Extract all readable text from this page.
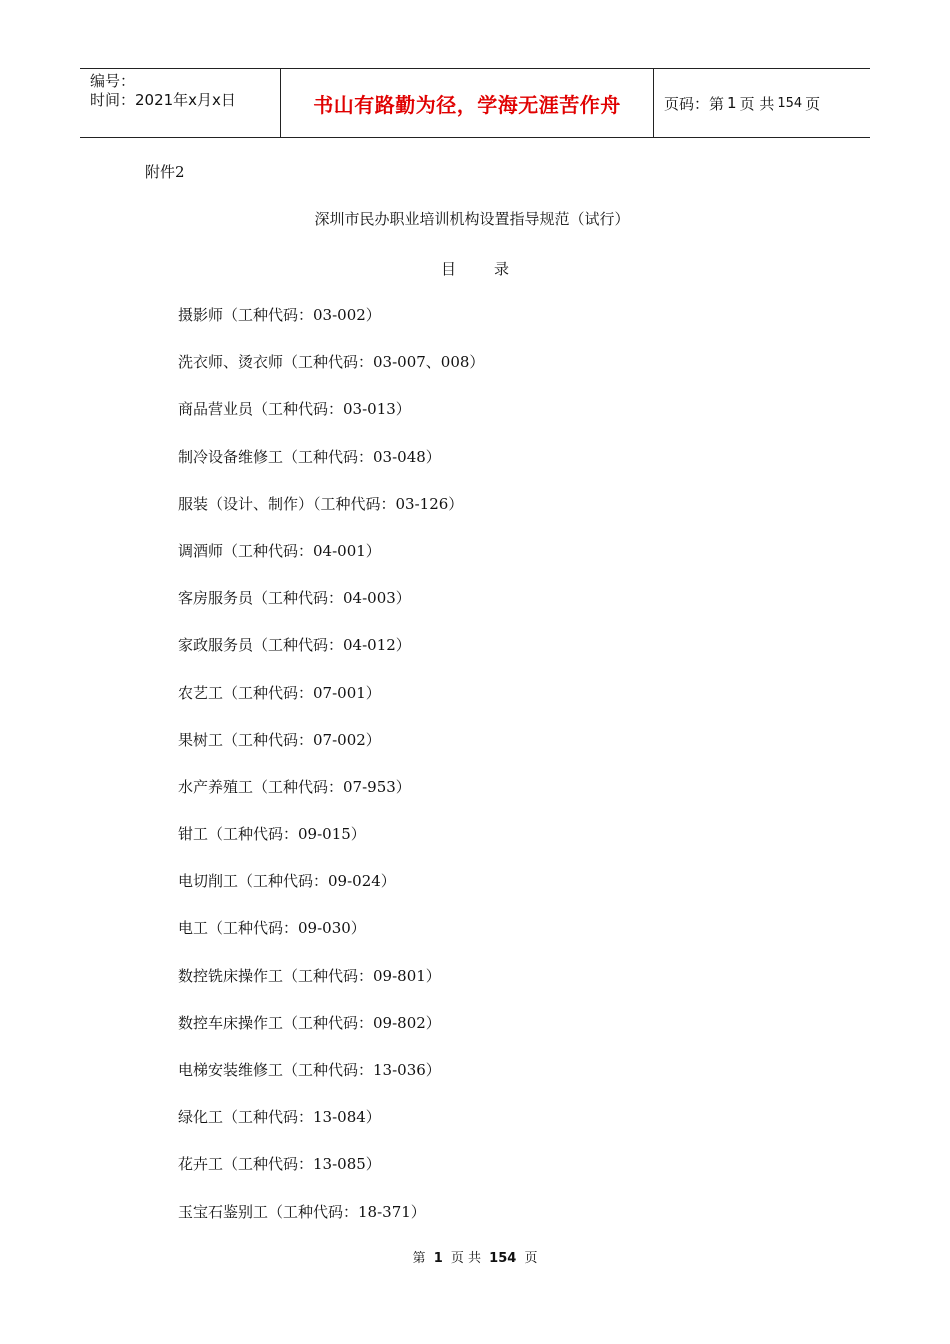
编号：
时间：2021年x月x日	书山有路勤为径，学海无涯苦作舟	页码：第 1 页 共 154 页
附件2
深圳市民办职业培训机构设置指导规范（试行）
目录
摄影师（工种代码：03-002）
洗衣师、烫衣师（工种代码：03-007、008）
商品营业员（工种代码：03-013）
制冷设备维修工（工种代码：03-048）
服装（设计、制作）（工种代码：03-126）
调酒师（工种代码：04-001）
客房服务员（工种代码：04-003）
家政服务员（工种代码：04-012）
农艺工（工种代码：07-001）
果树工（工种代码：07-002）
水产养殖工（工种代码：07-953）
钳工（工种代码：09-015）
电切削工（工种代码：09-024）
电工（工种代码：09-030）
数控铣床操作工（工种代码：09-801）
数控车床操作工（工种代码：09-802）
电梯安装维修工（工种代码：13-036）
绿化工（工种代码：13-084）
花卉工（工种代码：13-085）
玉宝石鉴别工（工种代码：18-371）
第 1 页 共 154 页
